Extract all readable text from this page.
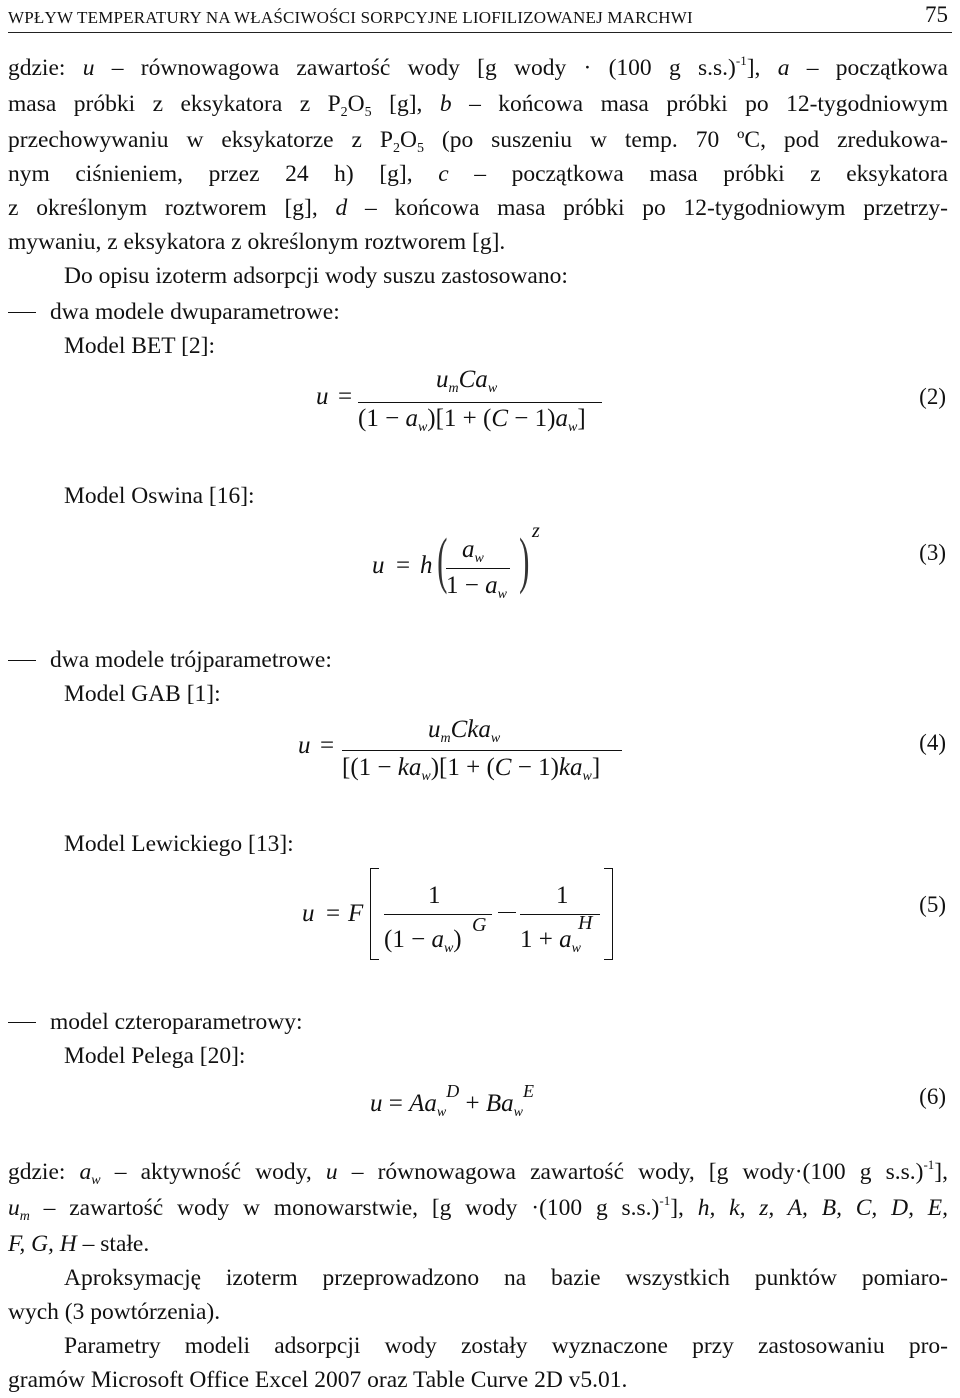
WPŁYW TEMPERATURY NA WŁAŚCIWOŚCI SORPCYJNE LIOFILIZOWANEJ MARCHWI	75
gdzie: u – równowagowa zawartość wody [g wody · (100 g s.s.)$^{-1}$], a – początkowa
masa próbki z eksykatora z $P_2O_5$ [g], b – końcowa masa próbki po 12-tygodniowym
przechowywaniu w eksykatorze z $P_2O_5$ (po suszeniu w temp. 70 ºC, pod zredukowa-
nym ciśnieniem, przez 24 h) [g], c – początkowa masa próbki z eksykatora
z określonym roztworem [g], d – końcowa masa próbki po 12-tygodniowym przetrzy-
mywaniu, z eksykatora z określonym roztworem [g].
Do opisu izoterm adsorpcji wody suszu zastosowano:
dwa modele dwuparametrowe:
Model BET [2]:
u =
$u_mCa_w$
$(1 - a_w)[1 + (C - 1)a_w]$
(2)
Model Oswina [16]:
u = h ( $a_w$
$1 - a_w$ ) z
(3)
dwa modele trójparametrowe:
Model GAB [1]:
u =
$u_mCka_w$
[$(1 - ka_w)[1 + (C - 1)ka_w]$
(4)
Model Lewickiego [13]:
u = F
1
$(1 - a_w)$
G
1
$1 + a_w$
H
(5)
model czteroparametrowy:
Model Pelega [20]:
$u = Aa_w^D + Ba_w^E$	(6)
gdzie: $a_w$ – aktywność wody, u – równowagowa zawartość wody, [g wody·(100 g s.s.)$^{-1}$],
$u_m$ – zawartość wody w monowarstwie, [g wody ·(100 g s.s.)$^{-1}$], h, k, z, A, B, C, D, E,
F, G, H – stałe.
Aproksymację izoterm przeprowadzono na bazie wszystkich punktów pomiaro-
wych (3 powtórzenia).
Parametry modeli adsorpcji wody zostały wyznaczone przy zastosowaniu pro-
gramów Microsoft Office Excel 2007 oraz Table Curve 2D v5.01.
